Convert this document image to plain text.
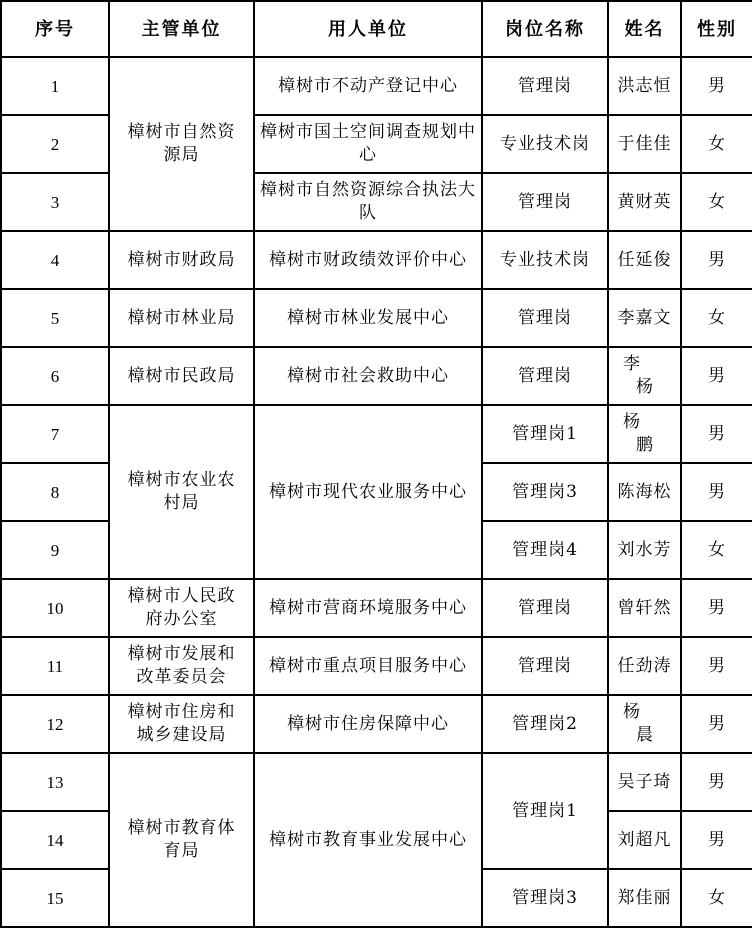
序号	主管单位	用人单位	岗位名称	姓名	性别
1	樟树市自然资源局	樟树市不动产登记中心	管理岗	洪志恒	男
2		樟树市国土空间调查规划中心	专业技术岗	于佳佳	女
3		樟树市自然资源综合执法大队	管理岗	黄财英	女
4	樟树市财政局	樟树市财政绩效评价中心	专业技术岗	任延俊	男
5	樟树市林业局	樟树市林业发展中心	管理岗	李嘉文	女
6	樟树市民政局	樟树市社会救助中心	管理岗	李杨	男
7	樟树市农业农村局	樟树市现代农业服务中心	管理岗1	杨鹏	男
8			管理岗3	陈海松	男
9			管理岗4	刘水芳	女
10	樟树市人民政府办公室	樟树市营商环境服务中心	管理岗	曾轩然	男
11	樟树市发展和改革委员会	樟树市重点项目服务中心	管理岗	任劲涛	男
12	樟树市住房和城乡建设局	樟树市住房保障中心	管理岗2	杨晨	男
13	樟树市教育体育局	樟树市教育事业发展中心	管理岗1	吴子琦	男
14				刘超凡	男
15			管理岗3	郑佳丽	女
